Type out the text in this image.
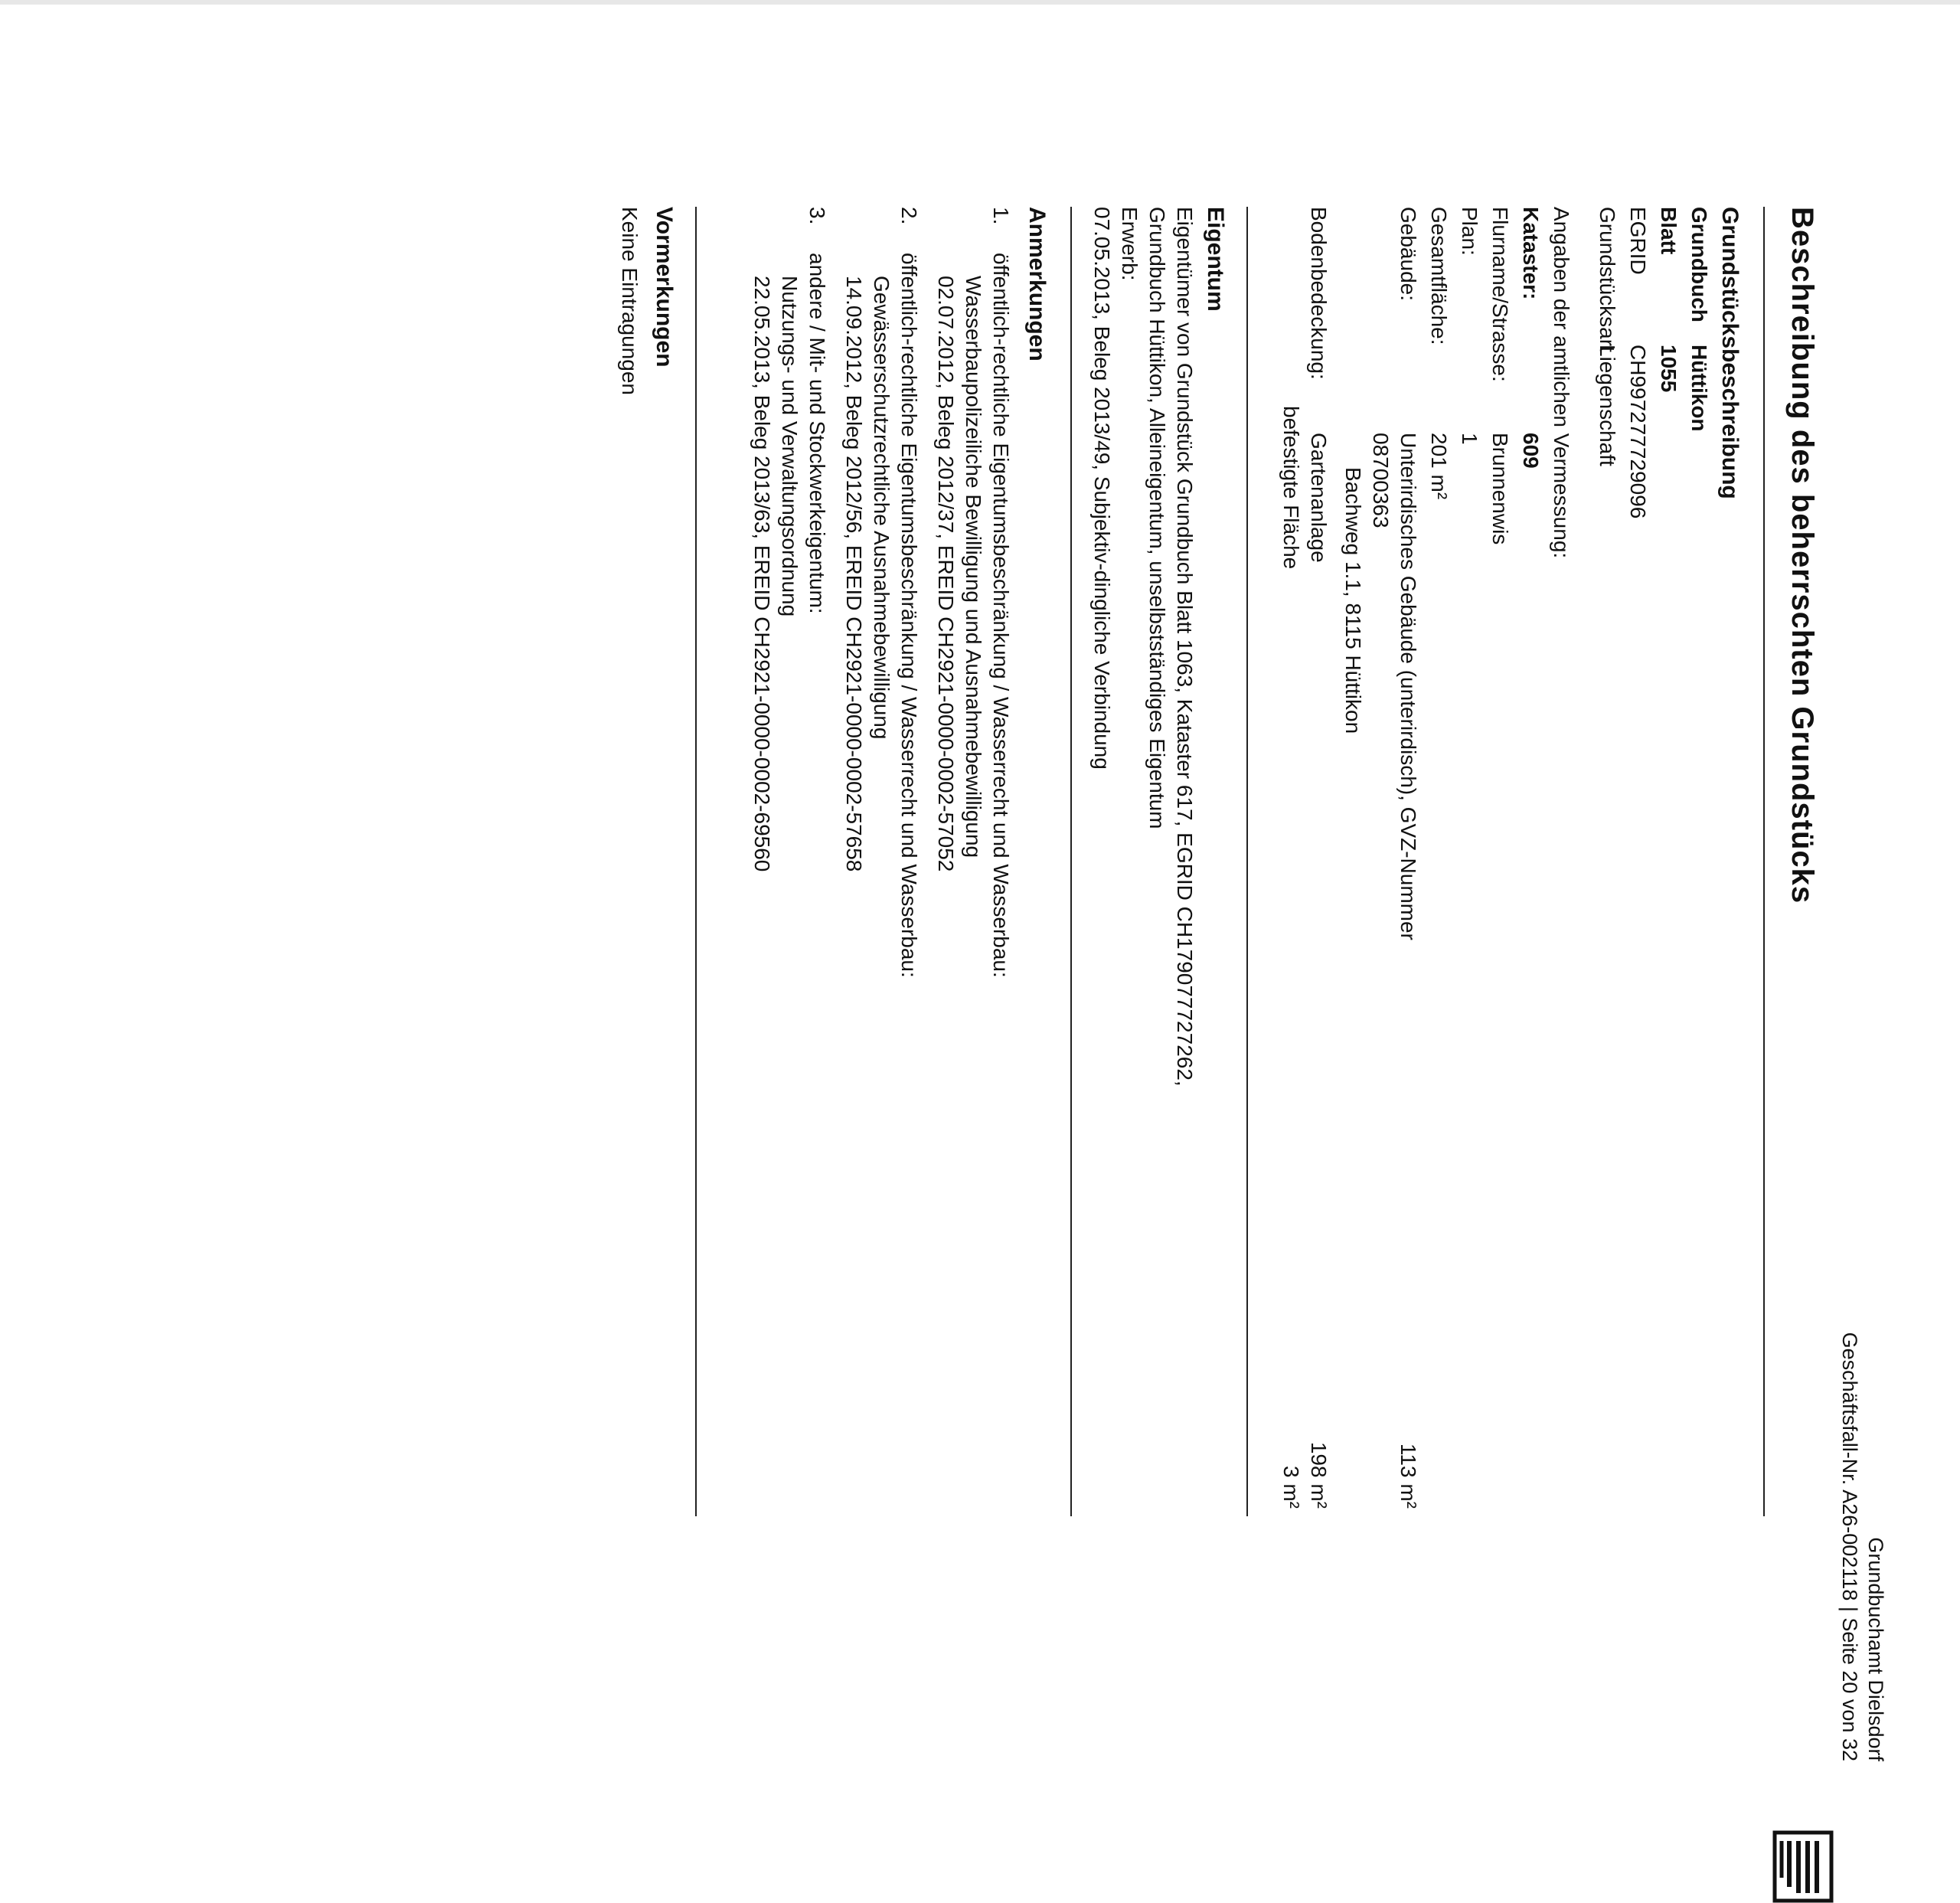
Grundbuchamt Dielsdorf
Geschäftsfall-Nr. A26-002118 | Seite 20 von 32
Beschreibung des beherrschten Grundstücks
Grundstücksbeschreibung
Grundbuch
Hüttikon
Blatt
1055
EGRID
CH997277729096
Grundstücksart
Liegenschaft
Angaben der amtlichen Vermessung:
Kataster:
609
Flurname/Strasse:
Brunnenwis
Plan:
1
Gesamtfläche:
201 m²
Gebäude:
Unterirdisches Gebäude (unterirdisch), GVZ-Nummer
113 m²
08700363
Bachweg 1.1, 8115 Hüttikon
Bodenbedeckung:
Gartenanlage
198 m²
befestigte Fläche
3 m²
Eigentum
Eigentümer von Grundstück Grundbuch Blatt 1063, Kataster 617, EGRID CH179077727262,
Grundbuch Hüttikon, Alleineigentum, unselbstständiges Eigentum
Erwerb:
07.05.2013, Beleg 2013/49, Subjektiv-dingliche Verbindung
Anmerkungen
1.
öffentlich-rechtliche Eigentumsbeschränkung / Wasserrecht und Wasserbau:
Wasserbaupolizeiliche Bewilligung und Ausnahmebewilligung
02.07.2012, Beleg 2012/37, EREID CH2921-0000-0002-57052
2.
öffentlich-rechtliche Eigentumsbeschränkung / Wasserrecht und Wasserbau:
Gewässerschutzrechtliche Ausnahmebewilligung
14.09.2012, Beleg 2012/56, EREID CH2921-0000-0002-57658
3.
andere / Mit- und Stockwerkeigentum:
Nutzungs- und Verwaltungsordnung
22.05.2013, Beleg 2013/63, EREID CH2921-0000-0002-69560
Vormerkungen
Keine Eintragungen
